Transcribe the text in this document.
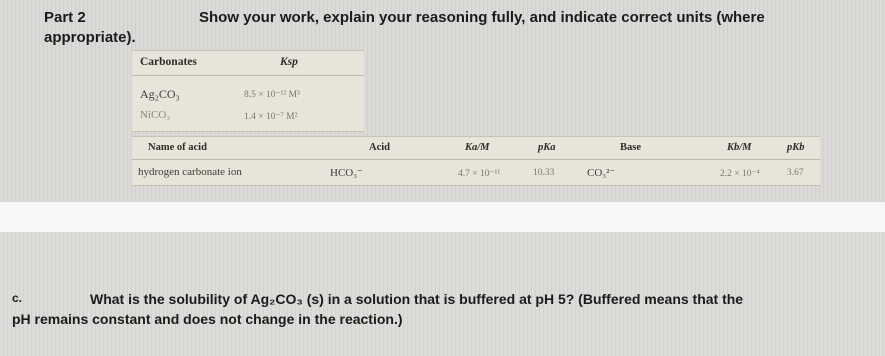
Part 2	Show your work, explain your reasoning fully, and indicate correct units (where
appropriate).
Carbonates	Ksp
Ag₂CO₃	8.5 × 10⁻¹² M³
NiCO₃	1.4 × 10⁻⁷ M²
Name of acid	Acid	Ka/M	pKa	Base	Kb/M	pKb
hydrogen carbonate ion	HCO₃⁻	4.7 × 10⁻¹¹	10.33	CO₃²⁻	2.2 × 10⁻⁴	3.67
c.	What is the solubility of Ag₂CO₃ (s) in a solution that is buffered at pH 5? (Buffered means that the
pH remains constant and does not change in the reaction.)
